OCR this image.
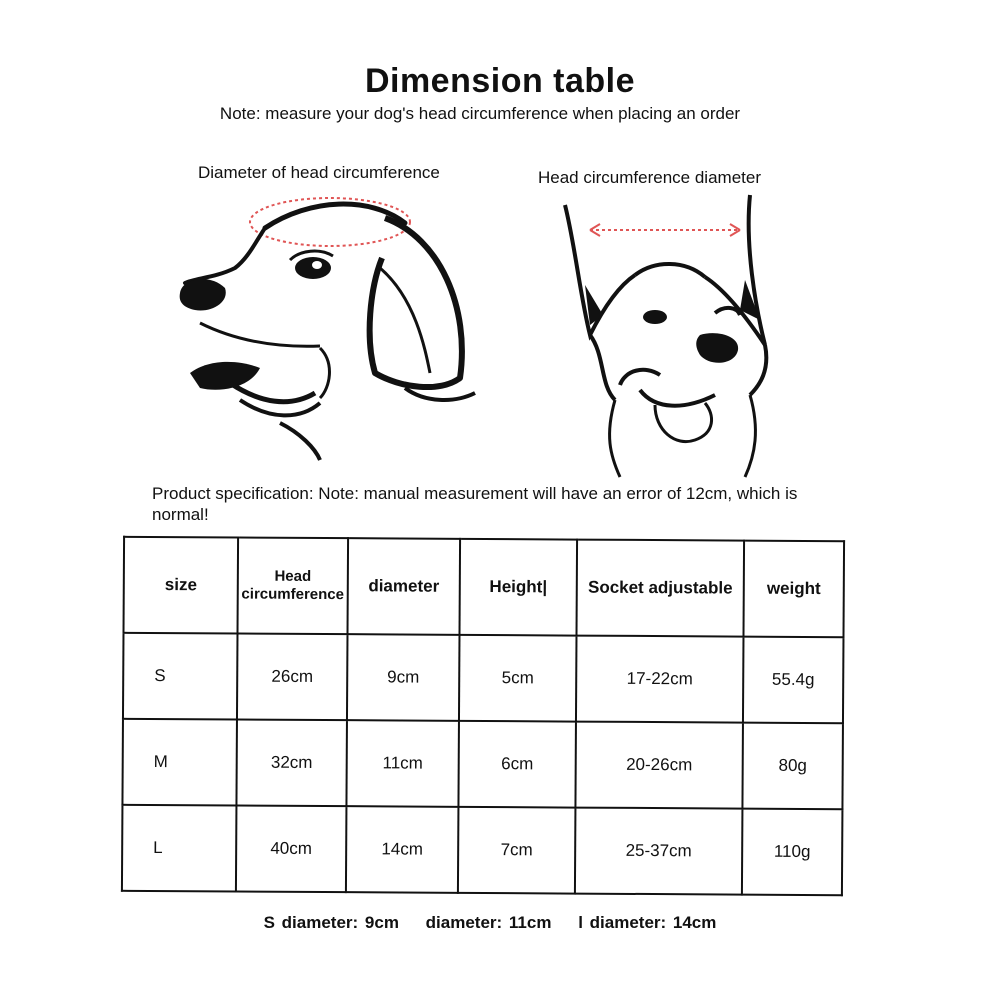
Dimension table
Note: measure your dog's head circumference when placing an order
Diameter of head circumference	Head circumference diameter
Product specification: Note: manual measurement will have an error of 12cm, which is normal!
size	Head circumference	diameter	Height|	Socket adjustable	weight
S	26cm	9cm	5cm	17-22cm	55.4g
M	32cm	11cm	6cm	20-26cm	80g
L	40cm	14cm	7cm	25-37cm	110g
S diameter: 9cm diameter: 11cm l diameter: 14cm
